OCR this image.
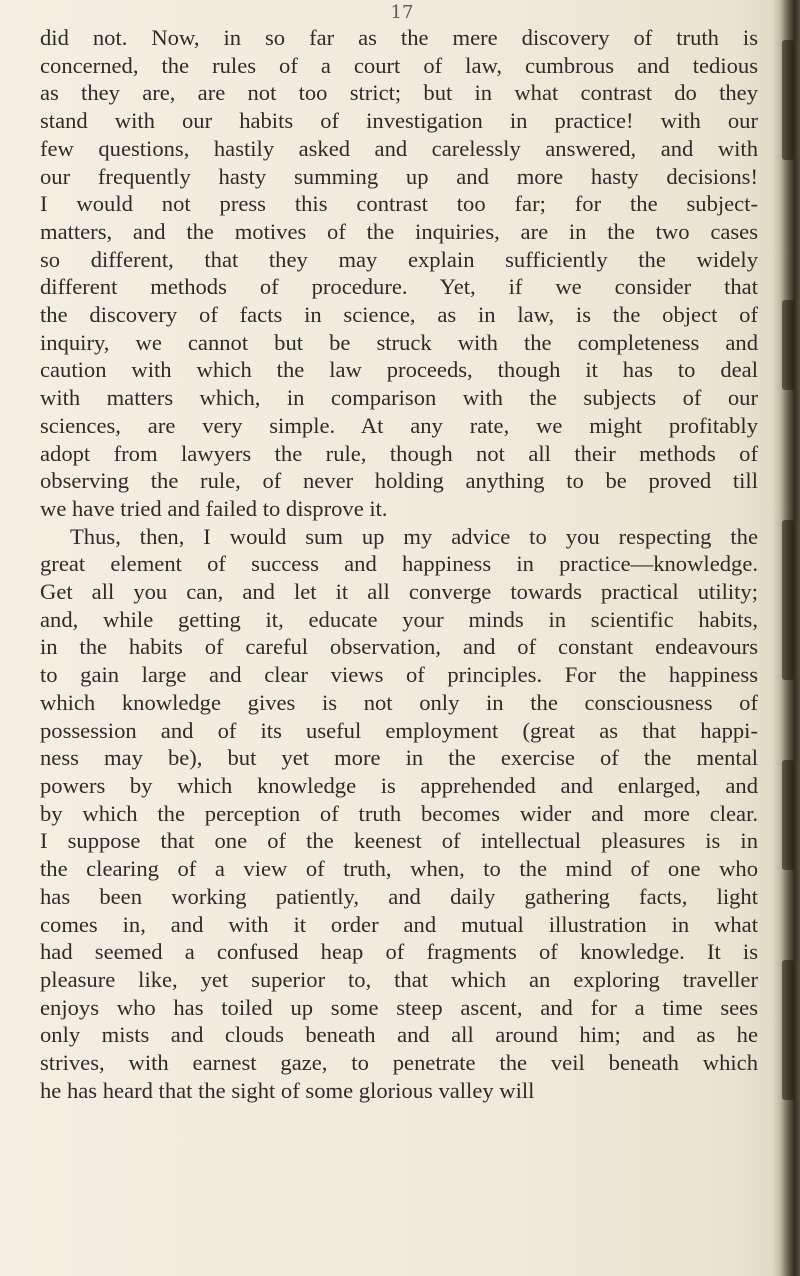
17
did not. Now, in so far as the mere discovery of truth is
concerned, the rules of a court of law, cumbrous and tedious
as they are, are not too strict; but in what contrast do they
stand with our habits of investigation in practice! with our
few questions, hastily asked and carelessly answered, and with
our frequently hasty summing up and more hasty decisions!
I would not press this contrast too far; for the subject-
matters, and the motives of the inquiries, are in the two cases
so different, that they may explain sufficiently the widely
different methods of procedure. Yet, if we consider that
the discovery of facts in science, as in law, is the object of
inquiry, we cannot but be struck with the completeness and
caution with which the law proceeds, though it has to deal
with matters which, in comparison with the subjects of our
sciences, are very simple. At any rate, we might profitably
adopt from lawyers the rule, though not all their methods of
observing the rule, of never holding anything to be proved till
we have tried and failed to disprove it.
Thus, then, I would sum up my advice to you respecting the
great element of success and happiness in practice—knowledge.
Get all you can, and let it all converge towards practical utility;
and, while getting it, educate your minds in scientific habits,
in the habits of careful observation, and of constant endeavours
to gain large and clear views of principles. For the happiness
which knowledge gives is not only in the consciousness of
possession and of its useful employment (great as that happi-
ness may be), but yet more in the exercise of the mental
powers by which knowledge is apprehended and enlarged, and
by which the perception of truth becomes wider and more clear.
I suppose that one of the keenest of intellectual pleasures is in
the clearing of a view of truth, when, to the mind of one who
has been working patiently, and daily gathering facts, light
comes in, and with it order and mutual illustration in what
had seemed a confused heap of fragments of knowledge. It is
pleasure like, yet superior to, that which an exploring traveller
enjoys who has toiled up some steep ascent, and for a time sees
only mists and clouds beneath and all around him; and as he
strives, with earnest gaze, to penetrate the veil beneath which
he has heard that the sight of some glorious valley will
